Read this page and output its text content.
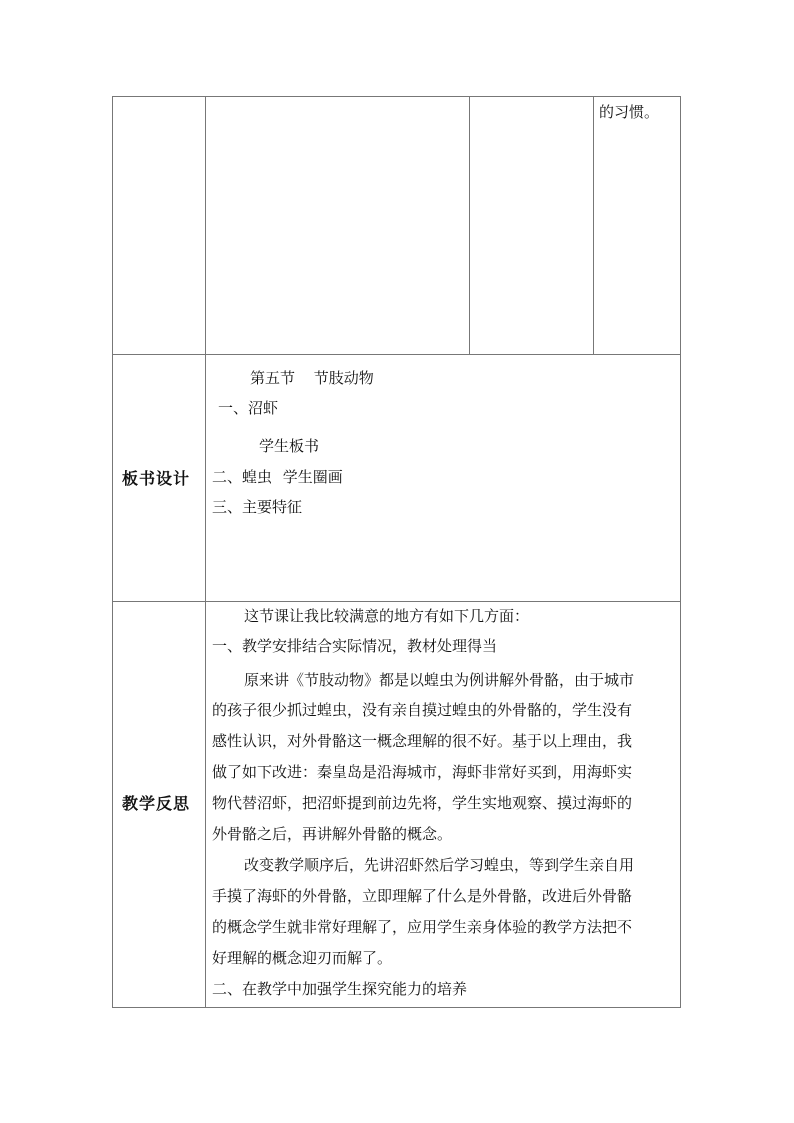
的习惯。
板书设计
第五节 节肢动物
一、沼虾
学生板书
二、蝗虫 学生圈画
三、主要特征
教学反思
这节课让我比较满意的地方有如下几方面：
一、教学安排结合实际情况，教材处理得当
原来讲《节肢动物》都是以蝗虫为例讲解外骨骼，由于城市
的孩子很少抓过蝗虫，没有亲自摸过蝗虫的外骨骼的，学生没有
感性认识，对外骨骼这一概念理解的很不好。基于以上理由，我
做了如下改进：秦皇岛是沿海城市，海虾非常好买到，用海虾实
物代替沼虾，把沼虾提到前边先将，学生实地观察、摸过海虾的
外骨骼之后，再讲解外骨骼的概念。
改变教学顺序后，先讲沼虾然后学习蝗虫，等到学生亲自用
手摸了海虾的外骨骼，立即理解了什么是外骨骼，改进后外骨骼
的概念学生就非常好理解了，应用学生亲身体验的教学方法把不
好理解的概念迎刃而解了。
二、在教学中加强学生探究能力的培养
